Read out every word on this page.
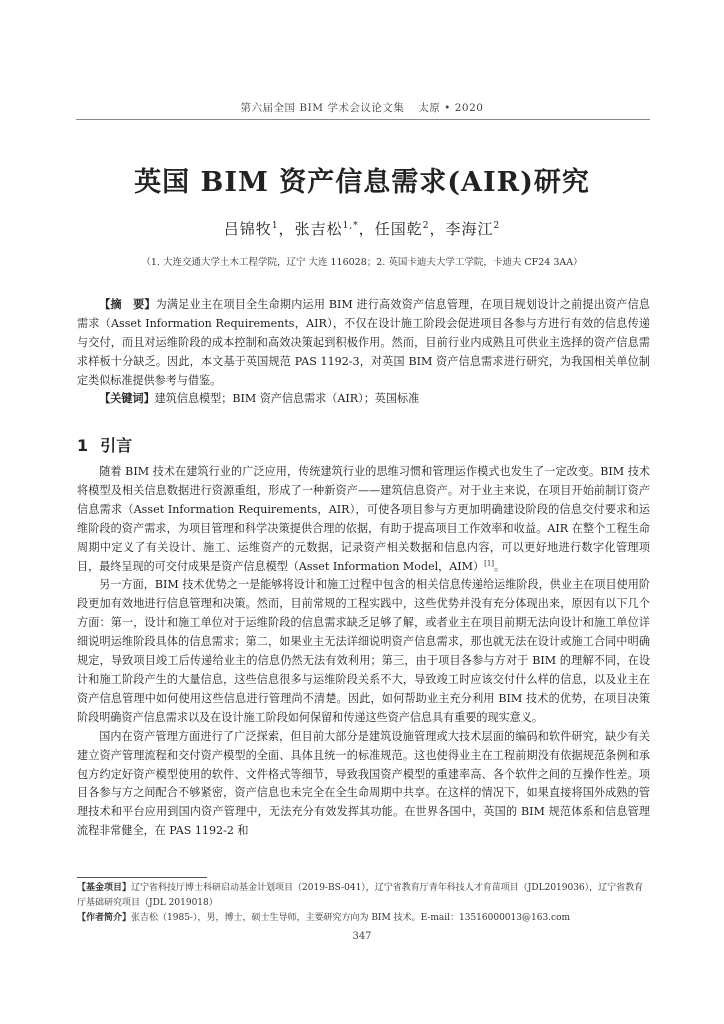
第六届全国 BIM 学术会议论文集 太原 • 2020
英国 BIM 资产信息需求(AIR)研究
吕锦牧$^1$，张吉松$^{1,*}$，任国乾$^2$，李海江$^2$
（1. 大连交通大学土木工程学院，辽宁 大连 116028；2. 英国卡迪夫大学工学院，卡迪夫 CF24 3AA）
【摘　要】为满足业主在项目全生命期内运用 BIM 进行高效资产信息管理，在项目规划设计之前提出资产信息需求（Asset Information Requirements，AIR），不仅在设计施工阶段会促进项目各参与方进行有效的信息传递与交付，而且对运维阶段的成本控制和高效决策起到积极作用。然而，目前行业内成熟且可供业主选择的资产信息需求样板十分缺乏。因此，本文基于英国规范 PAS 1192-3，对英国 BIM 资产信息需求进行研究，为我国相关单位制定类似标准提供参考与借鉴。
【关键词】建筑信息模型；BIM 资产信息需求（AIR）；英国标准
1 引言

随着 BIM 技术在建筑行业的广泛应用，传统建筑行业的思维习惯和管理运作模式也发生了一定改变。BIM 技术将模型及相关信息数据进行资源重组，形成了一种新资产——建筑信息资产。对于业主来说，在项目开始前制订资产信息需求（Asset Information Requirements，AIR），可使各项目参与方更加明确建设阶段的信息交付要求和运维阶段的资产需求，为项目管理和科学决策提供合理的依据，有助于提高项目工作效率和收益。AIR 在整个工程生命周期中定义了有关设计、施工、运维资产的元数据，记录资产相关数据和信息内容，可以更好地进行数字化管理项目，最终呈现的可交付成果是资产信息模型（Asset Information Model，AIM）[1]。

另一方面，BIM 技术优势之一是能够将设计和施工过程中包含的相关信息传递给运维阶段，供业主在项目使用阶段更加有效地进行信息管理和决策。然而，目前常规的工程实践中，这些优势并没有充分体现出来，原因有以下几个方面：第一，设计和施工单位对于运维阶段的信息需求缺乏足够了解，或者业主在项目前期无法向设计和施工单位详细说明运维阶段具体的信息需求；第二，如果业主无法详细说明资产信息需求，那也就无法在设计或施工合同中明确规定，导致项目竣工后传递给业主的信息仍然无法有效利用；第三，由于项目各参与方对于 BIM 的理解不同，在设计和施工阶段产生的大量信息，这些信息很多与运维阶段关系不大，导致竣工时应该交付什么样的信息，以及业主在资产信息管理中如何使用这些信息进行管理尚不清楚。因此，如何帮助业主充分利用 BIM 技术的优势，在项目决策阶段明确资产信息需求以及在设计施工阶段如何保留和传递这些资产信息具有重要的现实意义。

国内在资产管理方面进行了广泛探索，但目前大部分是建筑设施管理或大技术层面的编码和软件研究，缺少有关建立资产管理流程和交付资产模型的全面、具体且统一的标准规范。这也使得业主在工程前期没有依据规范条例和承包方约定好资产模型使用的软件、文件格式等细节，导致我国资产模型的重建率高、各个软件之间的互操作性差。项目各参与方之间配合不够紧密，资产信息也未完全在全生命周期中共享。在这样的情况下，如果直接将国外成熟的管理技术和平台应用到国内资产管理中，无法充分有效发挥其功能。在世界各国中，英国的 BIM 规范体系和信息管理流程非常健全，在 PAS 1192-2 和

【基金项目】辽宁省科技厅博士科研启动基金计划项目（2019-BS-041），辽宁省教育厅青年科技人才育苗项目（JDL2019036），辽宁省教育厅基础研究项目（JDL 2019018）

【作者简介】张吉松（1985-），男，博士，硕士生导师，主要研究方向为 BIM 技术。E-mail：13516000013@163.com

347
